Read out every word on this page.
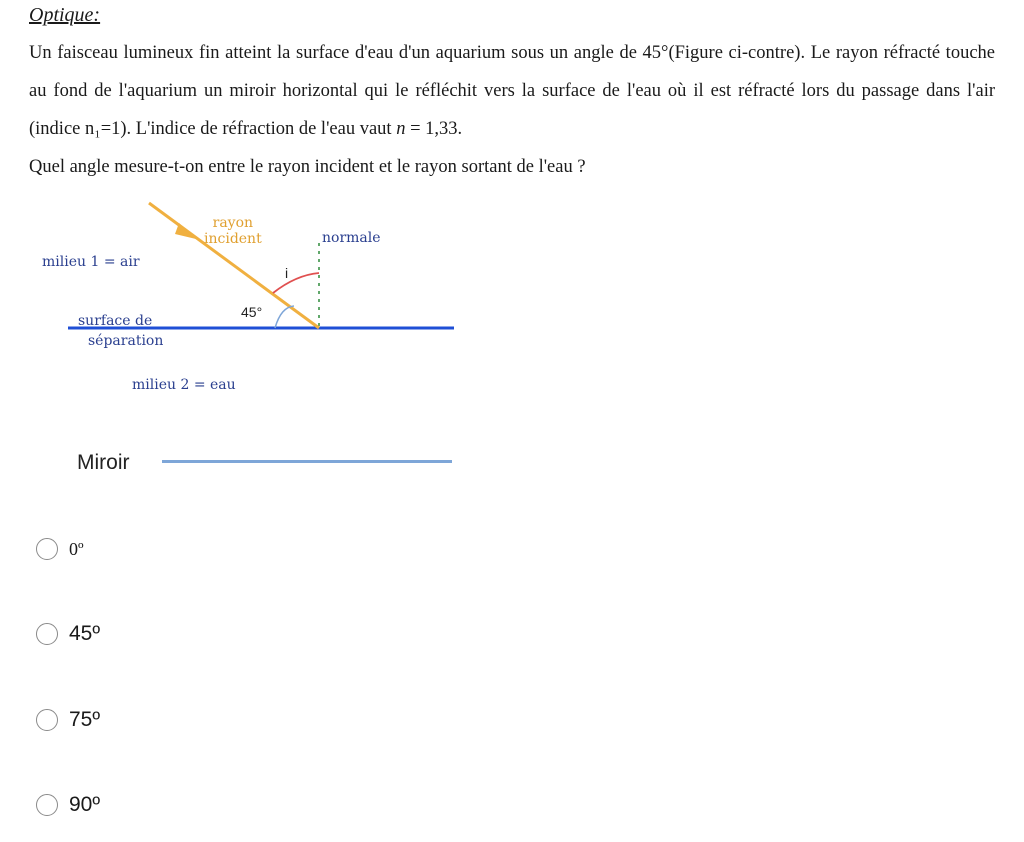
Optique:

Un faisceau lumineux fin atteint la surface d'eau d'un aquarium sous un angle de 45°(Figure ci-contre). Le rayon réfracté touche au fond de l'aquarium un miroir horizontal qui le réfléchit vers la surface de l'eau où il est réfracté lors du passage dans l'air (indice n₁=1). L'indice de réfraction de l'eau vaut n = 1,33.

Quel angle mesure-t-on entre le rayon incident et le rayon sortant de l'eau ?

rayon
incident	normale
milieu 1 = air
i
45°
surface de
séparation
milieu 2 = eau
Miroir
0º
45º
75º
90º
